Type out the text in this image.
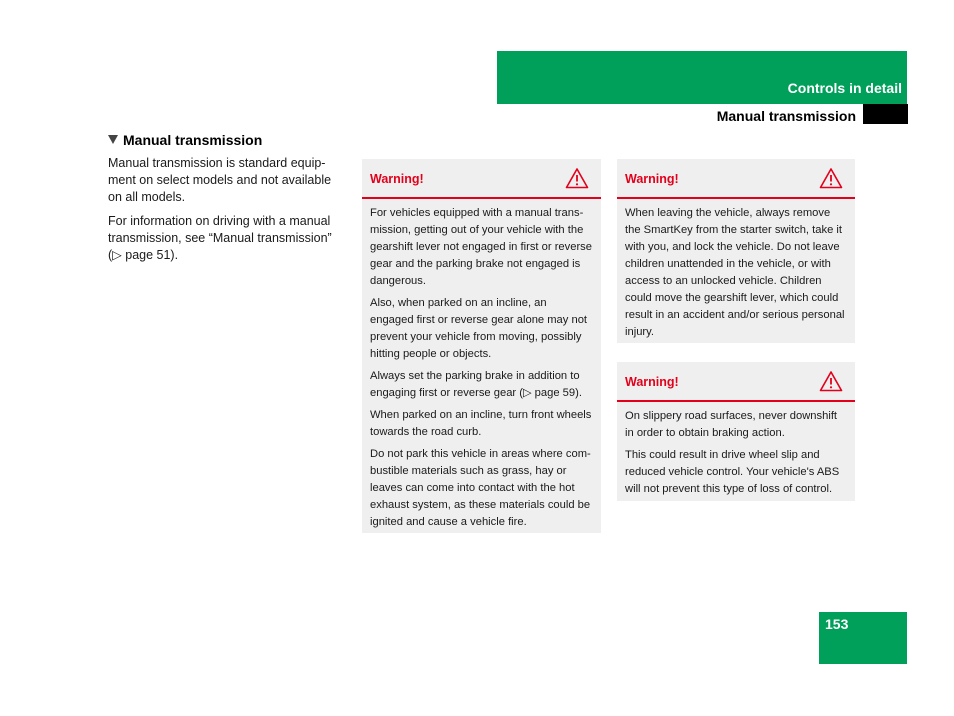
Controls in detail
Manual transmission
Manual transmission

Manual transmission is standard equip-ment on select models and not available on all models.

For information on driving with a manual transmission, see “Manual transmission” (▷ page 51).

Warning!

For vehicles equipped with a manual trans-mission, getting out of your vehicle with the gearshift lever not engaged in first or reverse gear and the parking brake not engaged is dangerous.

Also, when parked on an incline, an engaged first or reverse gear alone may not prevent your vehicle from moving, possibly hitting people or objects.

Always set the parking brake in addition to engaging first or reverse gear (▷ page 59).

When parked on an incline, turn front wheels towards the road curb.

Do not park this vehicle in areas where com-bustible materials such as grass, hay or leaves can come into contact with the hot exhaust system, as these materials could be ignited and cause a vehicle fire.

Warning!

When leaving the vehicle, always remove the SmartKey from the starter switch, take it with you, and lock the vehicle. Do not leave children unattended in the vehicle, or with access to an unlocked vehicle. Children could move the gearshift lever, which could result in an accident and/or serious personal injury.

Warning!

On slippery road surfaces, never downshift in order to obtain braking action.

This could result in drive wheel slip and reduced vehicle control. Your vehicle's ABS will not prevent this type of loss of control.

153
